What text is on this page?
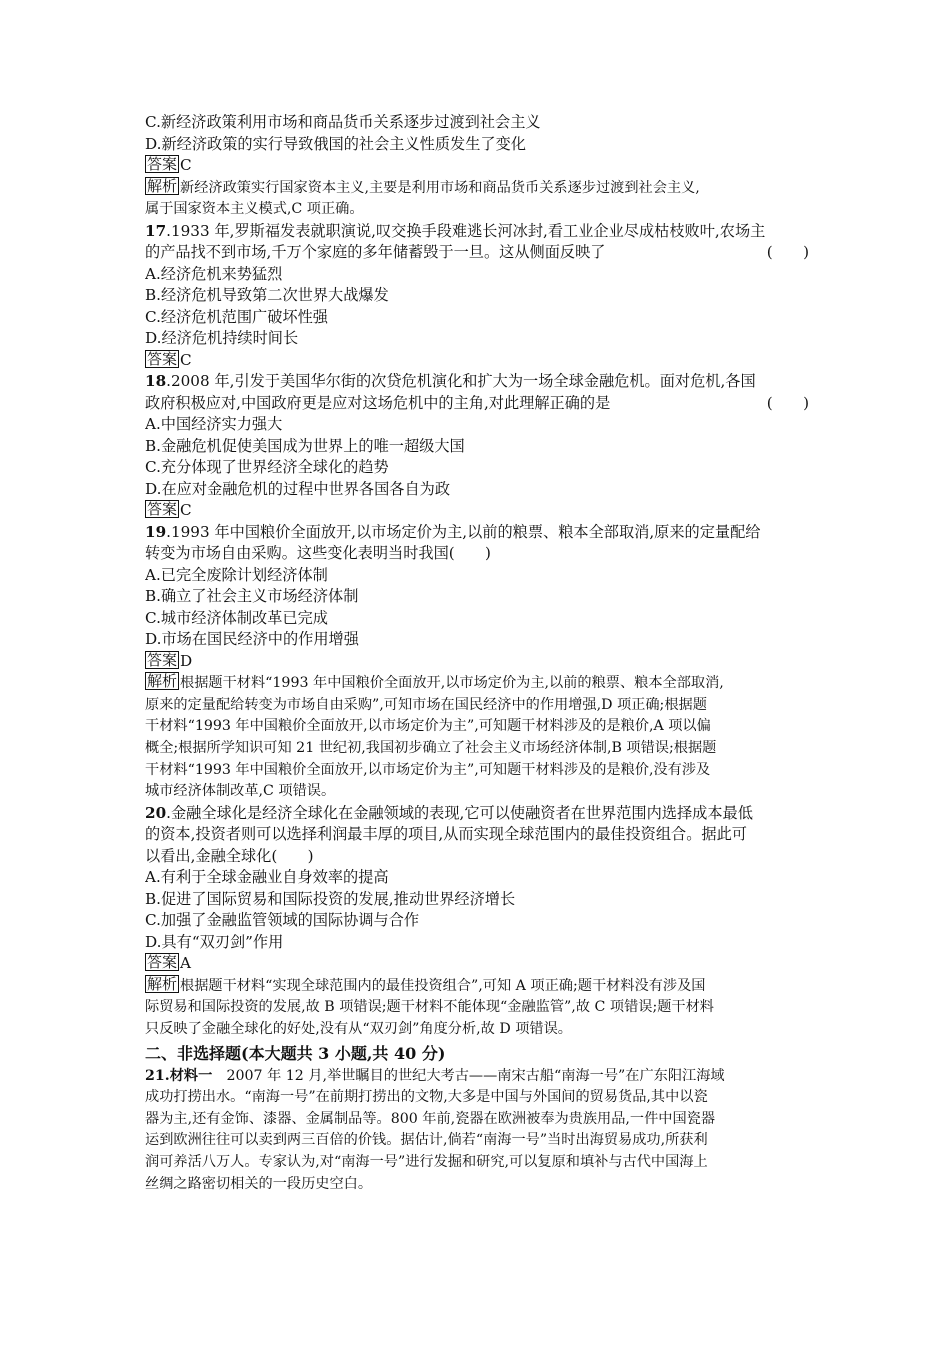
C.新经济政策利用市场和商品货币关系逐步过渡到社会主义
D.新经济政策的实行导致俄国的社会主义性质发生了变化
答案 C
解析 新经济政策实行国家资本主义,主要是利用市场和商品货币关系逐步过渡到社会主义,
属于国家资本主义模式,C 项正确。
17.1933 年,罗斯福发表就职演说,叹交换手段难逃长河冰封,看工业企业尽成枯枝败叶,农场主
的产品找不到市场,千万个家庭的多年储蓄毁于一旦。这从侧面反映了	(　　)
A.经济危机来势猛烈
B.经济危机导致第二次世界大战爆发
C.经济危机范围广破坏性强
D.经济危机持续时间长
答案 C
18.2008 年,引发于美国华尔街的次贷危机演化和扩大为一场全球金融危机。面对危机,各国
政府积极应对,中国政府更是应对这场危机中的主角,对此理解正确的是	(　　)
A.中国经济实力强大
B.金融危机促使美国成为世界上的唯一超级大国
C.充分体现了世界经济全球化的趋势
D.在应对金融危机的过程中世界各国各自为政
答案 C
19.1993 年中国粮价全面放开,以市场定价为主,以前的粮票、粮本全部取消,原来的定量配给
转变为市场自由采购。这些变化表明当时我国(　　)
A.已完全废除计划经济体制
B.确立了社会主义市场经济体制
C.城市经济体制改革已完成
D.市场在国民经济中的作用增强
答案 D
解析 根据题干材料“1993 年中国粮价全面放开,以市场定价为主,以前的粮票、粮本全部取消,
原来的定量配给转变为市场自由采购”,可知市场在国民经济中的作用增强,D 项正确;根据题
干材料“1993 年中国粮价全面放开,以市场定价为主”,可知题干材料涉及的是粮价,A 项以偏
概全;根据所学知识可知 21 世纪初,我国初步确立了社会主义市场经济体制,B 项错误;根据题
干材料“1993 年中国粮价全面放开,以市场定价为主”,可知题干材料涉及的是粮价,没有涉及
城市经济体制改革,C 项错误。
20.金融全球化是经济全球化在金融领域的表现,它可以使融资者在世界范围内选择成本最低
的资本,投资者则可以选择利润最丰厚的项目,从而实现全球范围内的最佳投资组合。据此可
以看出,金融全球化(　　)
A.有利于全球金融业自身效率的提高
B.促进了国际贸易和国际投资的发展,推动世界经济增长
C.加强了金融监管领域的国际协调与合作
D.具有“双刃剑”作用
答案 A
解析 根据题干材料“实现全球范围内的最佳投资组合”,可知 A 项正确;题干材料没有涉及国
际贸易和国际投资的发展,故 B 项错误;题干材料不能体现“金融监管”,故 C 项错误;题干材料
只反映了金融全球化的好处,没有从“双刃剑”角度分析,故 D 项错误。
二、非选择题(本大题共 3 小题,共 40 分)
21.材料一　2007 年 12 月,举世瞩目的世纪大考古——南宋古船“南海一号”在广东阳江海域
成功打捞出水。“南海一号”在前期打捞出的文物,大多是中国与外国间的贸易货品,其中以瓷
器为主,还有金饰、漆器、金属制品等。800 年前,瓷器在欧洲被奉为贵族用品,一件中国瓷器
运到欧洲往往可以卖到两三百倍的价钱。据估计,倘若“南海一号”当时出海贸易成功,所获利
润可养活八万人。专家认为,对“南海一号”进行发掘和研究,可以复原和填补与古代中国海上
丝绸之路密切相关的一段历史空白。
